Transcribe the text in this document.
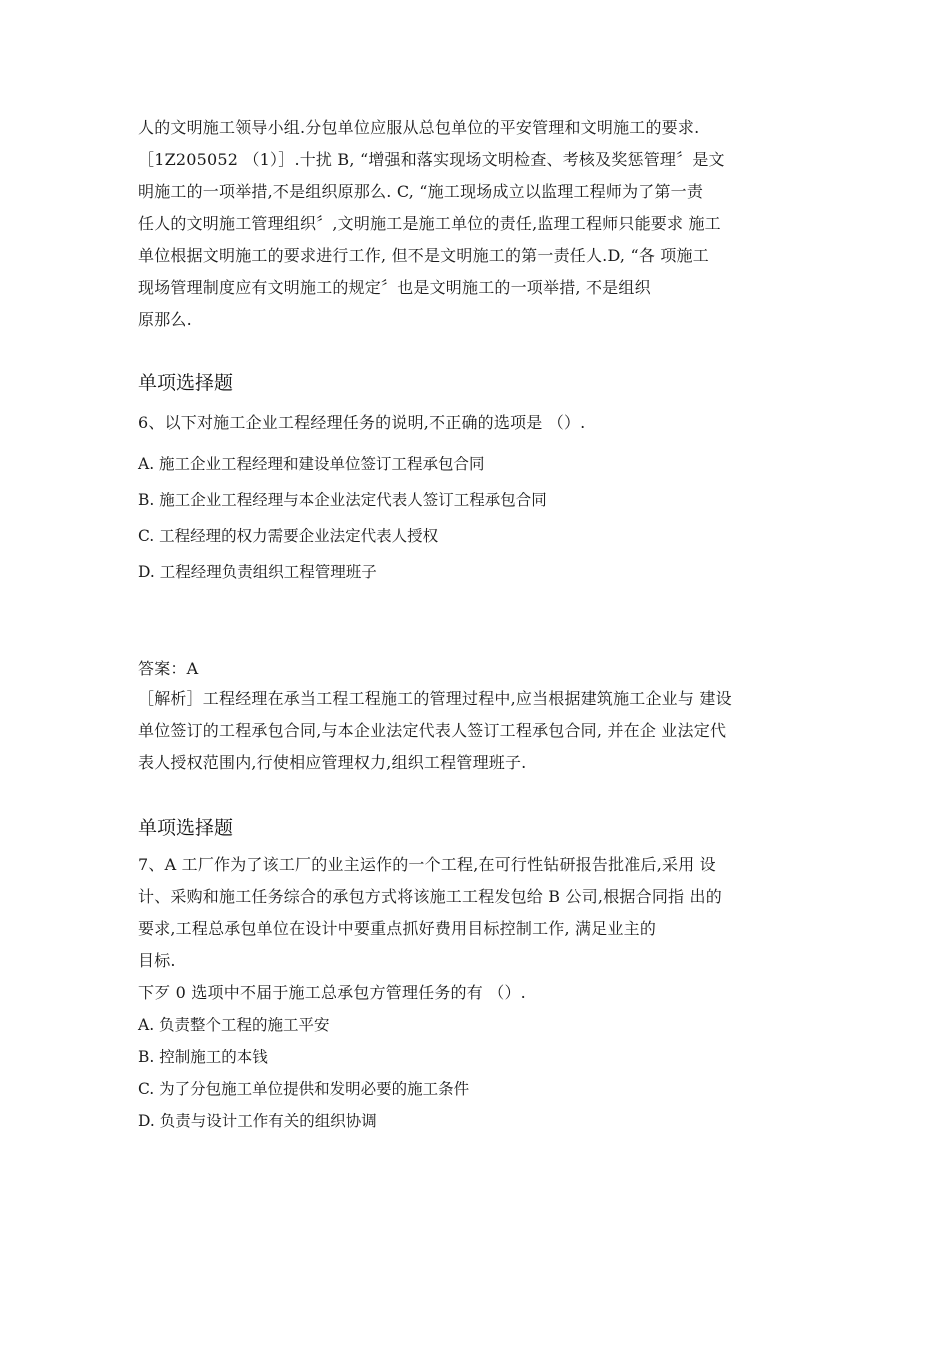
人的文明施工领导小组.分包单位应服从总包单位的平安管理和文明施工的要求.
［1Z205052 （1）］.十扰 B, “增强和落实现场文明检查、考核及奖惩管理〞是文
明施工的一项举措,不是组织原那么. C, “施工现场成立以监理工程师为了第一责
任人的文明施工管理组织〞,文明施工是施工单位的责任,监理工程师只能要求 施工
单位根据文明施工的要求进行工作, 但不是文明施工的第一责任人.D, “各 项施工
现场管理制度应有文明施工的规定〞也是文明施工的一项举措, 不是组织
原那么.
单项选择题
6、以下对施工企业工程经理任务的说明,不正确的选项是 （）.
A. 施工企业工程经理和建设单位签订工程承包合同
B. 施工企业工程经理与本企业法定代表人签订工程承包合同
C. 工程经理的权力需要企业法定代表人授权
D. 工程经理负责组织工程管理班子
答案：A
［解析］工程经理在承当工程工程施工的管理过程中,应当根据建筑施工企业与 建设
单位签订的工程承包合同,与本企业法定代表人签订工程承包合同, 并在企 业法定代
表人授权范围内,行使相应管理权力,组织工程管理班子.
单项选择题
7、A 工厂作为了该工厂的业主运作的一个工程,在可行性钻研报告批准后,采用 设
计、采购和施工任务综合的承包方式将该施工工程发包给 B 公司,根据合同指 出的
要求,工程总承包单位在设计中要重点抓好费用目标控制工作, 满足业主的
目标.
下歹 0 选项中不届于施工总承包方管理任务的有 （）.
A. 负责整个工程的施工平安
B. 控制施工的本钱
C. 为了分包施工单位提供和发明必要的施工条件
D. 负责与设计工作有关的组织协调
